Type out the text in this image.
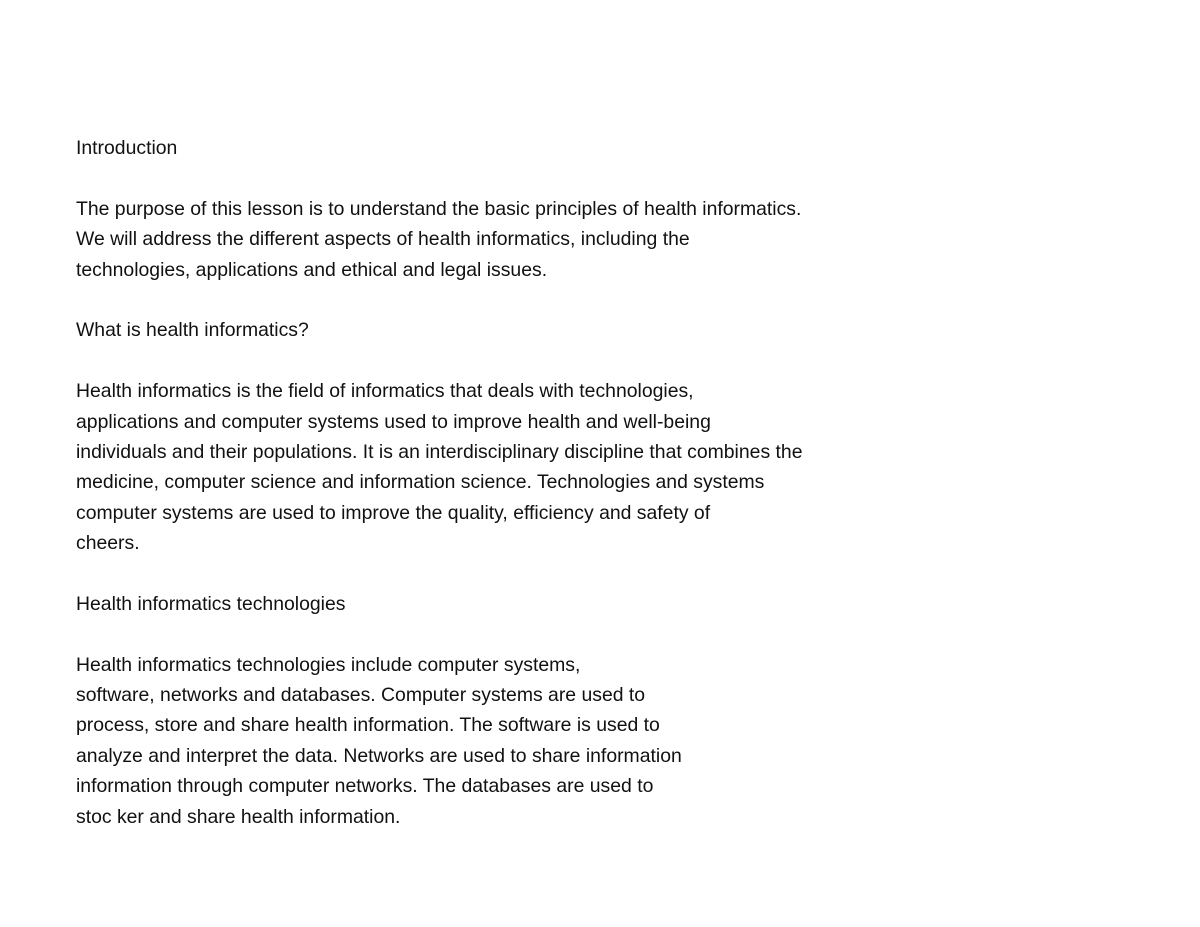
Introduction
The purpose of this lesson is to understand the basic principles of health informatics.
We will address the different aspects of health informatics, including the
technologies, applications and ethical and legal issues.
What is health informatics?
Health informatics is the field of informatics that deals with technologies,
applications and computer systems used to improve health and well-being
individuals and their populations. It is an interdisciplinary discipline that combines the
medicine, computer science and information science. Technologies and systems
computer systems are used to improve the quality, efficiency and safety of
cheers.
Health informatics technologies
Health informatics technologies include computer systems,
software, networks and databases. Computer systems are used to
process, store and share health information. The software is used to
analyze and interpret the data. Networks are used to share information
information through computer networks. The databases are used to
stoc ker and share health information.
